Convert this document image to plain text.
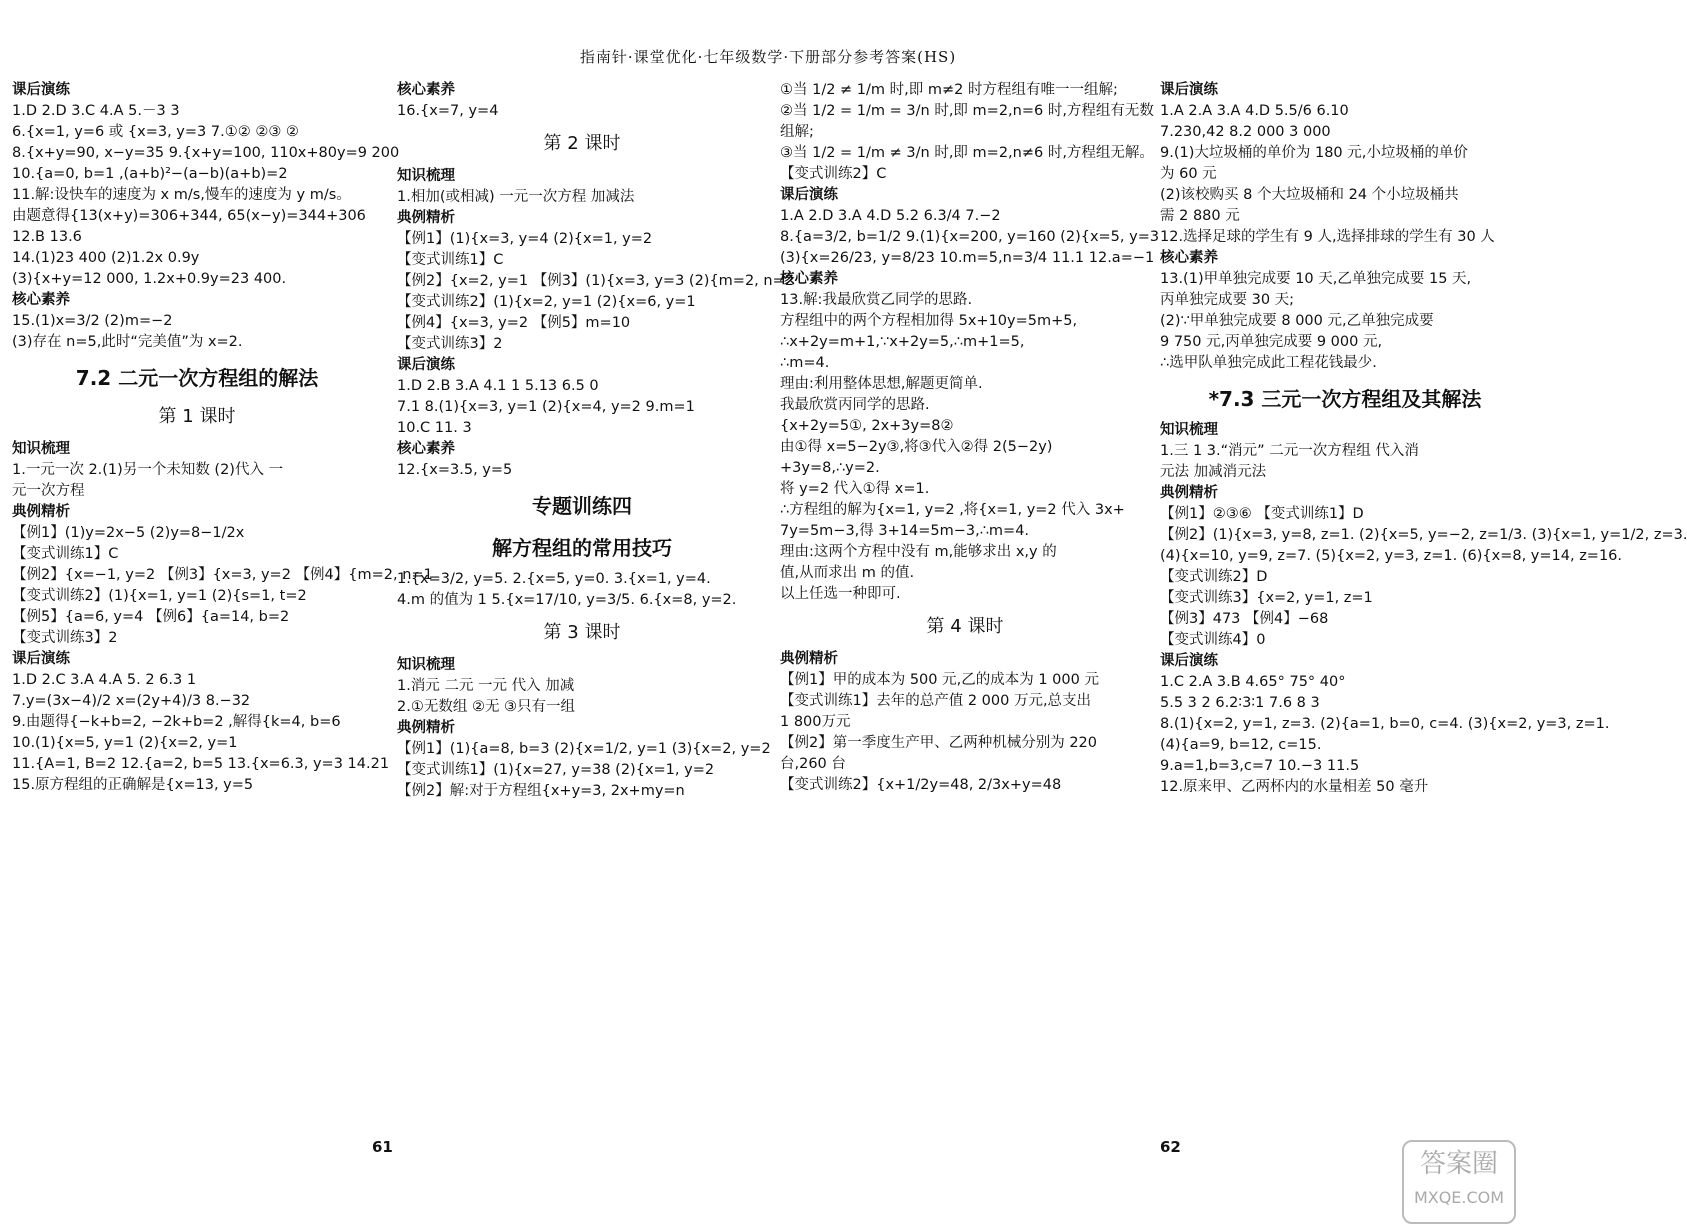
指南针·课堂优化·七年级数学·下册部分参考答案(HS)
课后演练
1.D 2.D 3.C 4.A 5.－3 3
6.{x=1, y=6 或 {x=3, y=3 7.①② ②③ ②
8.{x+y=90, x−y=35 9.{x+y=100, 110x+80y=9 200
10.{a=0, b=1 ,(a+b)²−(a−b)(a+b)=2
11.解:设快车的速度为 x m/s,慢车的速度为 y m/s。
由题意得{13(x+y)=306+344, 65(x−y)=344+306
12.B 13.6
14.(1)23 400 (2)1.2x 0.9y
(3){x+y=12 000, 1.2x+0.9y=23 400.
核心素养
15.(1)x=3/2 (2)m=−2
(3)存在 n=5,此时“完美值”为 x=2.
7.2 二元一次方程组的解法
第 1 课时
知识梳理
1.一元一次 2.(1)另一个未知数 (2)代入 一
元一次方程
典例精析
【例1】(1)y=2x−5 (2)y=8−1/2x
【变式训练1】C
【例2】{x=−1, y=2 【例3】{x=3, y=2 【例4】{m=2, n=1
【变式训练2】(1){x=1, y=1 (2){s=1, t=2
【例5】{a=6, y=4 【例6】{a=14, b=2
【变式训练3】2
课后演练
1.D 2.C 3.A 4.A 5. 2 6.3 1
7.y=(3x−4)/2 x=(2y+4)/3 8.−32
9.由题得{−k+b=2, −2k+b=2 ,解得{k=4, b=6
10.(1){x=5, y=1 (2){x=2, y=1
11.{A=1, B=2 12.{a=2, b=5 13.{x=6.3, y=3 14.21
15.原方程组的正确解是{x=13, y=5
核心素养
16.{x=7, y=4
第 2 课时
知识梳理
1.相加(或相减) 一元一次方程 加减法
典例精析
【例1】(1){x=3, y=4 (2){x=1, y=2
【变式训练1】C
【例2】{x=2, y=1 【例3】(1){x=3, y=3 (2){m=2, n=2
【变式训练2】(1){x=2, y=1 (2){x=6, y=1
【例4】{x=3, y=2 【例5】m=10
【变式训练3】2
课后演练
1.D 2.B 3.A 4.1 1 5.13 6.5 0
7.1 8.(1){x=3, y=1 (2){x=4, y=2 9.m=1
10.C 11. 3
核心素养
12.{x=3.5, y=5
专题训练四
解方程组的常用技巧
1.{x=3/2, y=5. 2.{x=5, y=0. 3.{x=1, y=4.
4.m 的值为 1 5.{x=17/10, y=3/5. 6.{x=8, y=2.
第 3 课时
知识梳理
1.消元 二元 一元 代入 加减
2.①无数组 ②无 ③只有一组
典例精析
【例1】(1){a=8, b=3 (2){x=1/2, y=1 (3){x=2, y=2
【变式训练1】(1){x=27, y=38 (2){x=1, y=2
【例2】解:对于方程组{x+y=3, 2x+my=n
①当 1/2 ≠ 1/m 时,即 m≠2 时方程组有唯一一组解;
②当 1/2 = 1/m = 3/n 时,即 m=2,n=6 时,方程组有无数
组解;
③当 1/2 = 1/m ≠ 3/n 时,即 m=2,n≠6 时,方程组无解。
【变式训练2】C
课后演练
1.A 2.D 3.A 4.D 5.2 6.3/4 7.−2
8.{a=3/2, b=1/2 9.(1){x=200, y=160 (2){x=5, y=3
(3){x=26/23, y=8/23 10.m=5,n=3/4 11.1 12.a=−1
核心素养
13.解:我最欣赏乙同学的思路.
方程组中的两个方程相加得 5x+10y=5m+5,
∴x+2y=m+1,∵x+2y=5,∴m+1=5,
∴m=4.
理由:利用整体思想,解题更简单.
我最欣赏丙同学的思路.
{x+2y=5①, 2x+3y=8②
由①得 x=5−2y③,将③代入②得 2(5−2y)
+3y=8,∴y=2.
将 y=2 代入①得 x=1.
∴方程组的解为{x=1, y=2 ,将{x=1, y=2 代入 3x+
7y=5m−3,得 3+14=5m−3,∴m=4.
理由:这两个方程中没有 m,能够求出 x,y 的
值,从而求出 m 的值.
以上任选一种即可.
第 4 课时
典例精析
【例1】甲的成本为 500 元,乙的成本为 1 000 元
【变式训练1】去年的总产值 2 000 万元,总支出
1 800万元
【例2】第一季度生产甲、乙两种机械分别为 220
台,260 台
【变式训练2】{x+1/2y=48, 2/3x+y=48
课后演练
1.A 2.A 3.A 4.D 5.5/6 6.10
7.230,42 8.2 000 3 000
9.(1)大垃圾桶的单价为 180 元,小垃圾桶的单价
为 60 元
(2)该校购买 8 个大垃圾桶和 24 个小垃圾桶共
需 2 880 元
12.选择足球的学生有 9 人,选择排球的学生有 30 人
核心素养
13.(1)甲单独完成要 10 天,乙单独完成要 15 天,
丙单独完成要 30 天;
(2)∵甲单独完成要 8 000 元,乙单独完成要
9 750 元,丙单独完成要 9 000 元,
∴选甲队单独完成此工程花钱最少.
*7.3 三元一次方程组及其解法
知识梳理
1.三 1 3.“消元” 二元一次方程组 代入消
元法 加减消元法
典例精析
【例1】②③⑥ 【变式训练1】D
【例2】(1){x=3, y=8, z=1. (2){x=5, y=−2, z=1/3. (3){x=1, y=1/2, z=3.
(4){x=10, y=9, z=7. (5){x=2, y=3, z=1. (6){x=8, y=14, z=16.
【变式训练2】D
【变式训练3】{x=2, y=1, z=1
【例3】473 【例4】−68
【变式训练4】0
课后演练
1.C 2.A 3.B 4.65° 75° 40°
5.5 3 2 6.2∶3∶1 7.6 8 3
8.(1){x=2, y=1, z=3. (2){a=1, b=0, c=4. (3){x=2, y=3, z=1.
(4){a=9, b=12, c=15.
9.a=1,b=3,c=7 10.−3 11.5
12.原来甲、乙两杯内的水量相差 50 毫升
61	62
答案圈
MXQE.COM
